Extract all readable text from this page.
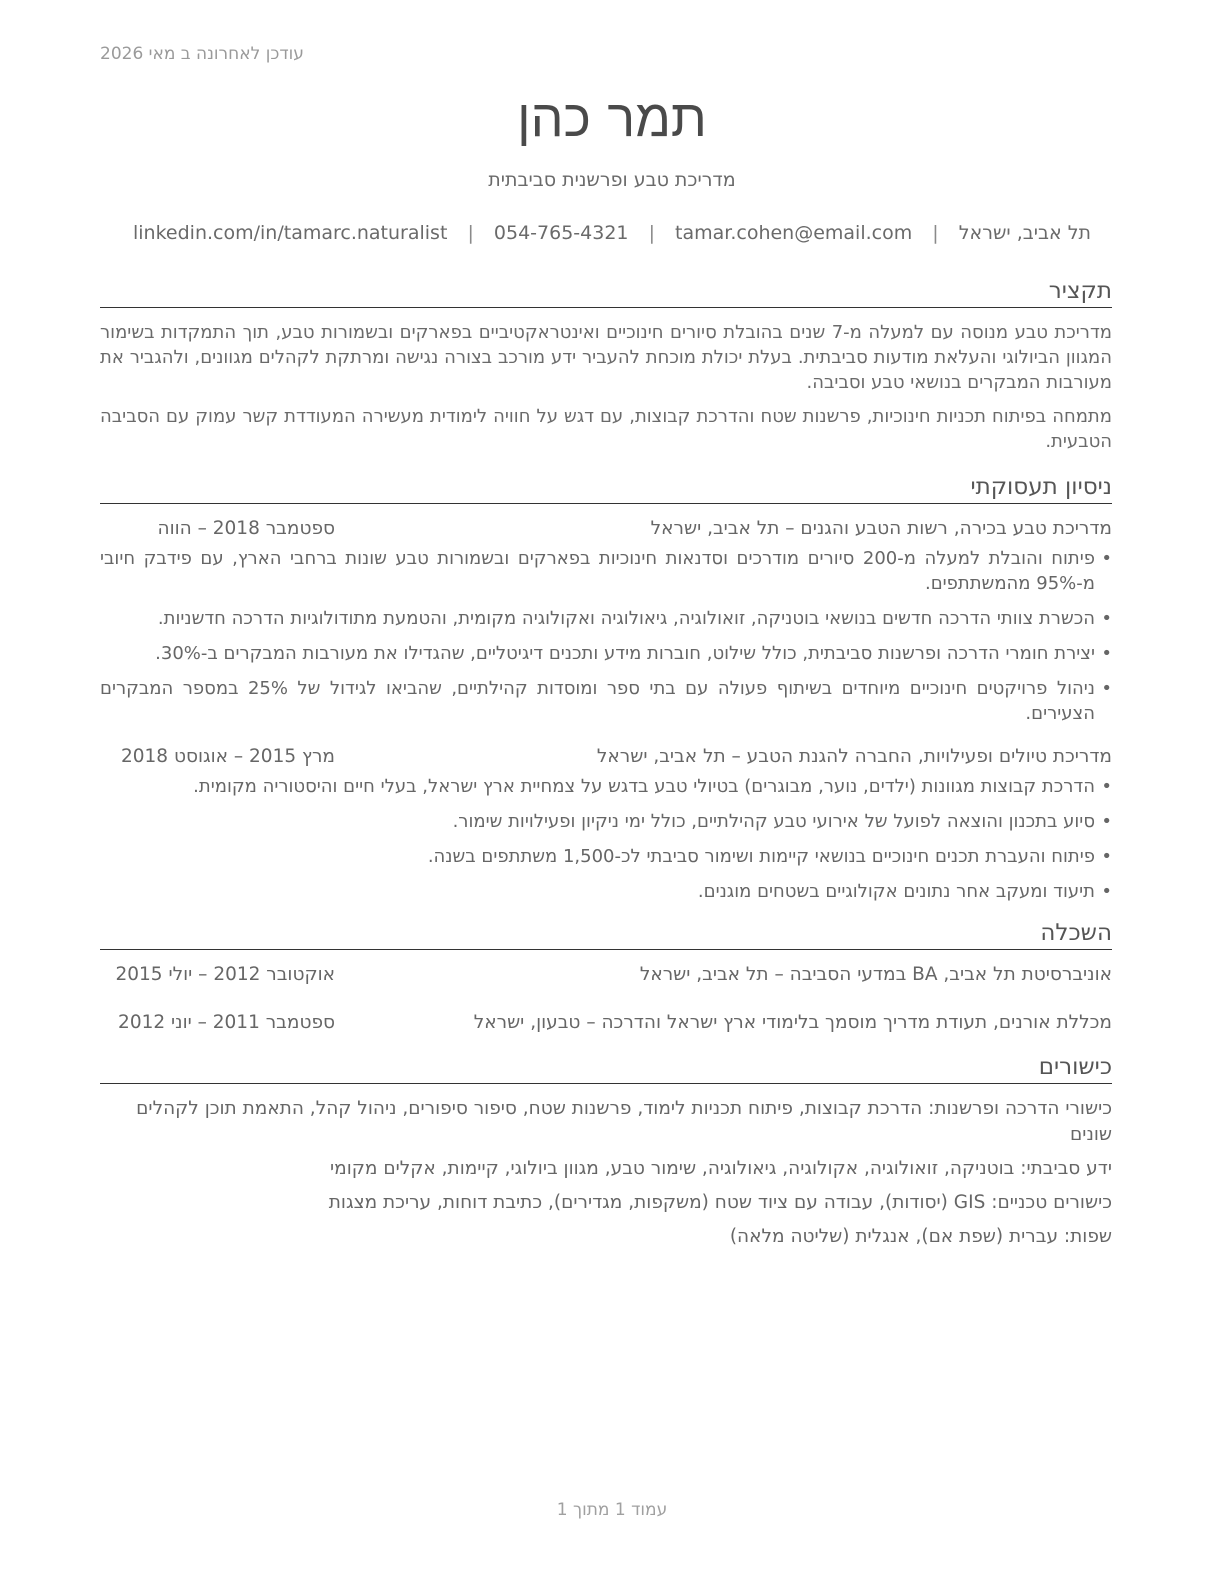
עודכן לאחרונה ב מאי 2026
תמר כהן
מדריכת טבע ופרשנית סביבתית
תל אביב, ישראל | tamar.cohen@email.com | 054-765-4321 | linkedin.com/in/tamarc.naturalist
תקציר

מדריכת טבע מנוסה עם למעלה מ-7 שנים בהובלת סיורים חינוכיים ואינטראקטיביים בפארקים ובשמורות טבע, תוך התמקדות בשימור המגוון הביולוגי והעלאת מודעות סביבתית. בעלת יכולת מוכחת להעביר ידע מורכב בצורה נגישה ומרתקת לקהלים מגוונים, ולהגביר את מעורבות המבקרים בנושאי טבע וסביבה.

מתמחה בפיתוח תכניות חינוכיות, פרשנות שטח והדרכת קבוצות, עם דגש על חוויה לימודית מעשירה המעודדת קשר עמוק עם הסביבה הטבעית.

ניסיון תעסוקתי
מדריכת טבע בכירה, רשות הטבע והגנים – תל אביב, ישראל
ספטמבר 2018 – הווה
• פיתוח והובלת למעלה מ-200 סיורים מודרכים וסדנאות חינוכיות בפארקים ובשמורות טבע שונות ברחבי הארץ, עם פידבק חיובי מ-95% מהמשתתפים.
• הכשרת צוותי הדרכה חדשים בנושאי בוטניקה, זואולוגיה, גיאולוגיה ואקולוגיה מקומית, והטמעת מתודולוגיות הדרכה חדשניות.
• יצירת חומרי הדרכה ופרשנות סביבתית, כולל שילוט, חוברות מידע ותכנים דיגיטליים, שהגדילו את מעורבות המבקרים ב-30%.
• ניהול פרויקטים חינוכיים מיוחדים בשיתוף פעולה עם בתי ספר ומוסדות קהילתיים, שהביאו לגידול של 25% במספר המבקרים הצעירים.
מדריכת טיולים ופעילויות, החברה להגנת הטבע – תל אביב, ישראל
מרץ 2015 – אוגוסט 2018
• הדרכת קבוצות מגוונות (ילדים, נוער, מבוגרים) בטיולי טבע בדגש על צמחיית ארץ ישראל, בעלי חיים והיסטוריה מקומית.
• סיוע בתכנון והוצאה לפועל של אירועי טבע קהילתיים, כולל ימי ניקיון ופעילויות שימור.
• פיתוח והעברת תכנים חינוכיים בנושאי קיימות ושימור סביבתי לכ-1,500 משתתפים בשנה.
• תיעוד ומעקב אחר נתונים אקולוגיים בשטחים מוגנים.
השכלה
אוניברסיטת תל אביב, BA במדעי הסביבה – תל אביב, ישראל
אוקטובר 2012 – יולי 2015
מכללת אורנים, תעודת מדריך מוסמך בלימודי ארץ ישראל והדרכה – טבעון, ישראל
ספטמבר 2011 – יוני 2012
כישורים
כישורי הדרכה ופרשנות: הדרכת קבוצות, פיתוח תכניות לימוד, פרשנות שטח, סיפור סיפורים, ניהול קהל, התאמת תוכן לקהלים שונים
ידע סביבתי: בוטניקה, זואולוגיה, אקולוגיה, גיאולוגיה, שימור טבע, מגוון ביולוגי, קיימות, אקלים מקומי
כישורים טכניים: GIS (יסודות), עבודה עם ציוד שטח (משקפות, מגדירים), כתיבת דוחות, עריכת מצגות
שפות: עברית (שפת אם), אנגלית (שליטה מלאה)
עמוד 1 מתוך 1
